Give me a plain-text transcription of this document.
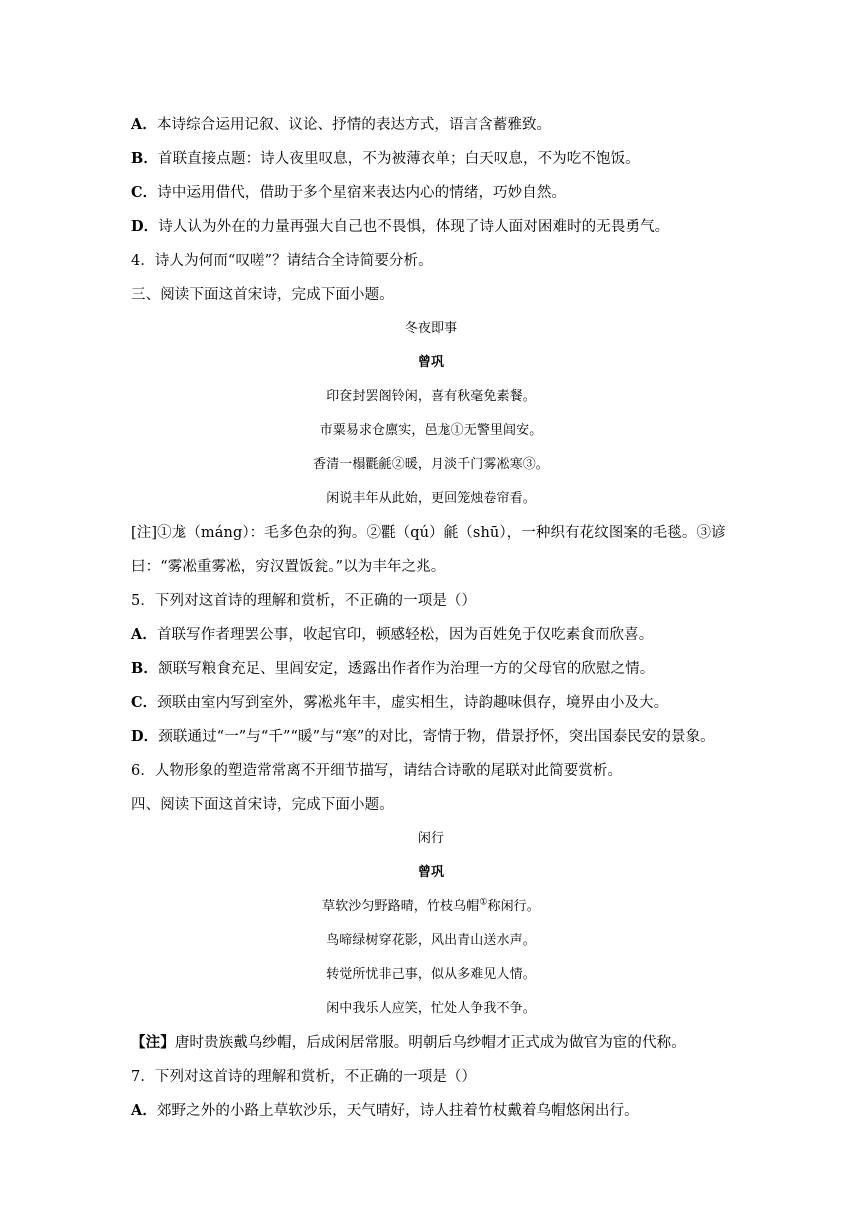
A．本诗综合运用记叙、议论、抒情的表达方式，语言含蓄雅致。
B．首联直接点题：诗人夜里叹息，不为被薄衣单；白天叹息，不为吃不饱饭。
C．诗中运用借代，借助于多个星宿来表达内心的情绪，巧妙自然。
D．诗人认为外在的力量再强大自己也不畏惧，体现了诗人面对困难时的无畏勇气。
4．诗人为何而“叹嗟”？请结合全诗简要分析。
三、阅读下面这首宋诗，完成下面小题。
冬夜即事
曾巩
印奁封罢阁铃闲，喜有秋毫免素餐。
市粟易求仓廪实，邑尨①无警里闾安。
香清一榻氍毹②暖，月淡千门雾凇寒③。
闲说丰年从此始，更回笼烛卷帘看。
[注]①尨（máng）：毛多色杂的狗。②氍（qú）毹（shū），一种织有花纹图案的毛毯。③谚
曰：“雾凇重雾凇，穷汉置饭瓮。”以为丰年之兆。
5．下列对这首诗的理解和赏析，不正确的一项是（）
A．首联写作者理罢公事，收起官印，顿感轻松，因为百姓免于仅吃素食而欣喜。
B．颔联写粮食充足、里闾安定，透露出作者作为治理一方的父母官的欣慰之情。
C．颈联由室内写到室外，雾凇兆年丰，虚实相生，诗韵趣味俱存，境界由小及大。
D．颈联通过“一”与“千”“暖”与“寒”的对比，寄情于物，借景抒怀，突出国泰民安的景象。
6．人物形象的塑造常常离不开细节描写，请结合诗歌的尾联对此简要赏析。
四、阅读下面这首宋诗，完成下面小题。
闲行
曾巩
草软沙匀野路晴，竹枝乌帽①称闲行。
鸟啼绿树穿花影，风出青山送水声。
转觉所忧非己事，似从多难见人情。
闲中我乐人应笑，忙处人争我不争。
【注】唐时贵族戴乌纱帽，后成闲居常服。明朝后乌纱帽才正式成为做官为宦的代称。
7．下列对这首诗的理解和赏析，不正确的一项是（）
A．郊野之外的小路上草软沙乐，天气晴好，诗人拄着竹杖戴着乌帽悠闲出行。
